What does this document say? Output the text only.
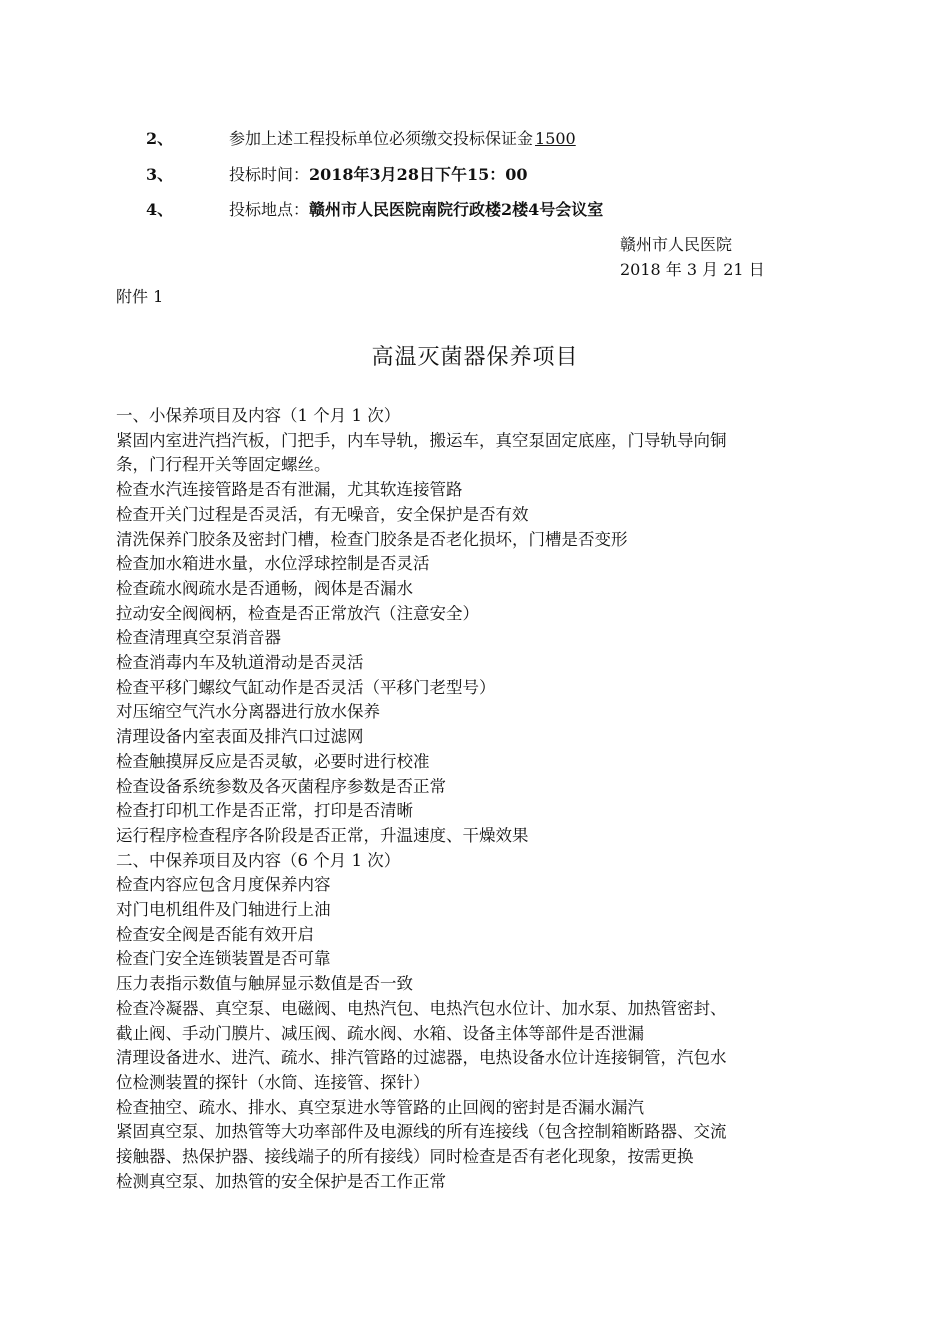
2、	参加上述工程投标单位必须缴交投标保证金 1500
3、	投标时间：2018年3月28日下午15：00
4、	投标地点：赣州市人民医院南院行政楼2楼4号会议室
赣州市人民医院
2018 年 3 月 21 日
附件 1
高温灭菌器保养项目
一、小保养项目及内容（1 个月 1 次）
紧固内室进汽挡汽板，门把手，内车导轨，搬运车，真空泵固定底座，门导轨导向铜
条，门行程开关等固定螺丝。
检查水汽连接管路是否有泄漏，尤其软连接管路
检查开关门过程是否灵活，有无噪音，安全保护是否有效
清洗保养门胶条及密封门槽，检查门胶条是否老化损坏，门槽是否变形
检查加水箱进水量，水位浮球控制是否灵活
检查疏水阀疏水是否通畅，阀体是否漏水
拉动安全阀阀柄，检查是否正常放汽（注意安全）
检查清理真空泵消音器
检查消毒内车及轨道滑动是否灵活
检查平移门螺纹气缸动作是否灵活（平移门老型号）
对压缩空气汽水分离器进行放水保养
清理设备内室表面及排汽口过滤网
检查触摸屏反应是否灵敏，必要时进行校准
检查设备系统参数及各灭菌程序参数是否正常
检查打印机工作是否正常，打印是否清晰
运行程序检查程序各阶段是否正常，升温速度、干燥效果
二、中保养项目及内容（6 个月 1 次）
检查内容应包含月度保养内容
对门电机组件及门轴进行上油
检查安全阀是否能有效开启
检查门安全连锁装置是否可靠
压力表指示数值与触屏显示数值是否一致
检查冷凝器、真空泵、电磁阀、电热汽包、电热汽包水位计、加水泵、加热管密封、
截止阀、手动门膜片、减压阀、疏水阀、水箱、设备主体等部件是否泄漏
清理设备进水、进汽、疏水、排汽管路的过滤器，电热设备水位计连接铜管，汽包水
位检测装置的探针（水筒、连接管、探针）
检查抽空、疏水、排水、真空泵进水等管路的止回阀的密封是否漏水漏汽
紧固真空泵、加热管等大功率部件及电源线的所有连接线（包含控制箱断路器、交流
接触器、热保护器、接线端子的所有接线）同时检查是否有老化现象，按需更换
检测真空泵、加热管的安全保护是否工作正常
